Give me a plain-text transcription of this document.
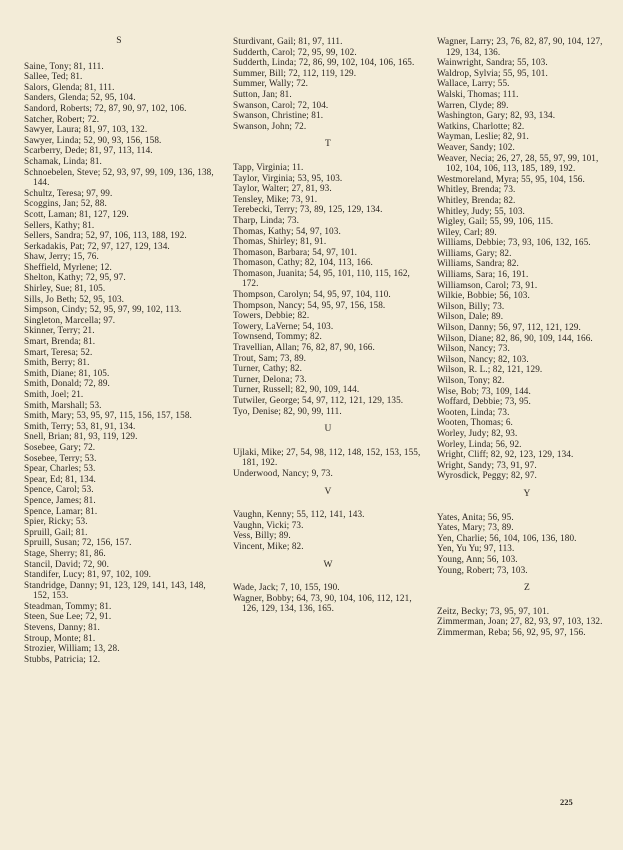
S
Saine, Tony; 81, 111.
Sallee, Ted; 81.
Salors, Glenda; 81, 111.
Sanders, Glenda; 52, 95, 104.
Sandord, Roberts; 72, 87, 90, 97, 102, 106.
Satcher, Robert; 72.
Sawyer, Laura; 81, 97, 103, 132.
Sawyer, Linda; 52, 90, 93, 156, 158.
Scarberry, Dede; 81, 97, 113, 114.
Schamak, Linda; 81.
Schnoebelen, Steve; 52, 93, 97, 99, 109, 136, 138, 144.
Schultz, Teresa; 97, 99.
Scoggins, Jan; 52, 88.
Scott, Laman; 81, 127, 129.
Sellers, Kathy; 81.
Sellers, Sandra; 52, 97, 106, 113, 188, 192.
Serkadakis, Pat; 72, 97, 127, 129, 134.
Shaw, Jerry; 15, 76.
Sheffield, Myrlene; 12.
Shelton, Kathy; 72, 95, 97.
Shirley, Sue; 81, 105.
Sills, Jo Beth; 52, 95, 103.
Simpson, Cindy; 52, 95, 97, 99, 102, 113.
Singleton, Marcella; 97.
Skinner, Terry; 21.
Smart, Brenda; 81.
Smart, Teresa; 52.
Smith, Berry; 81.
Smith, Diane; 81, 105.
Smith, Donald; 72, 89.
Smith, Joel; 21.
Smith, Marshall; 53.
Smith, Mary; 53, 95, 97, 115, 156, 157, 158.
Smith, Terry; 53, 81, 91, 134.
Snell, Brian; 81, 93, 119, 129.
Sosebee, Gary; 72.
Sosebee, Terry; 53.
Spear, Charles; 53.
Spear, Ed; 81, 134.
Spence, Carol; 53.
Spence, James; 81.
Spence, Lamar; 81.
Spier, Ricky; 53.
Spruill, Gail; 81.
Spruill, Susan; 72, 156, 157.
Stage, Sherry; 81, 86.
Stancil, David; 72, 90.
Standifer, Lucy; 81, 97, 102, 109.
Standridge, Danny; 91, 123, 129, 141, 143, 148, 152, 153.
Steadman, Tommy; 81.
Steen, Sue Lee; 72, 91.
Stevens, Danny; 81.
Stroup, Monte; 81.
Strozier, William; 13, 28.
Stubbs, Patricia; 12.
Sturdivant, Gail; 81, 97, 111.
Sudderth, Carol; 72, 95, 99, 102.
Sudderth, Linda; 72, 86, 99, 102, 104, 106, 165.
Summer, Bill; 72, 112, 119, 129.
Summer, Wally; 72.
Sutton, Jan; 81.
Swanson, Carol; 72, 104.
Swanson, Christine; 81.
Swanson, John; 72.
T
Tapp, Virginia; 11.
Taylor, Virginia; 53, 95, 103.
Taylor, Walter; 27, 81, 93.
Tensley, Mike; 73, 91.
Terebecki, Terry; 73, 89, 125, 129, 134.
Tharp, Linda; 73.
Thomas, Kathy; 54, 97, 103.
Thomas, Shirley; 81, 91.
Thomason, Barbara; 54, 97, 101.
Thomason, Cathy; 82, 104, 113, 166.
Thomason, Juanita; 54, 95, 101, 110, 115, 162, 172.
Thompson, Carolyn; 54, 95, 97, 104, 110.
Thompson, Nancy; 54, 95, 97, 156, 158.
Towers, Debbie; 82.
Towery, LaVerne; 54, 103.
Townsend, Tommy; 82.
Travellian, Allan; 76, 82, 87, 90, 166.
Trout, Sam; 73, 89.
Turner, Cathy; 82.
Turner, Delona; 73.
Turner, Russell; 82, 90, 109, 144.
Tutwiler, George; 54, 97, 112, 121, 129, 135.
Tyo, Denise; 82, 90, 99, 111.
U
Ujlaki, Mike; 27, 54, 98, 112, 148, 152, 153, 155, 181, 192.
Underwood, Nancy; 9, 73.
V
Vaughn, Kenny; 55, 112, 141, 143.
Vaughn, Vicki; 73.
Vess, Billy; 89.
Vincent, Mike; 82.
W
Wade, Jack; 7, 10, 155, 190.
Wagner, Bobby; 64, 73, 90, 104, 106, 112, 121, 126, 129, 134, 136, 165.
Wagner, Larry; 23, 76, 82, 87, 90, 104, 127, 129, 134, 136.
Wainwright, Sandra; 55, 103.
Waldrop, Sylvia; 55, 95, 101.
Wallace, Larry; 55.
Walski, Thomas; 111.
Warren, Clyde; 89.
Washington, Gary; 82, 93, 134.
Watkins, Charlotte; 82.
Wayman, Leslie; 82, 91.
Weaver, Sandy; 102.
Weaver, Necia; 26, 27, 28, 55, 97, 99, 101, 102, 104, 106, 113, 185, 189, 192.
Westmoreland, Myra; 55, 95, 104, 156.
Whitley, Brenda; 73.
Whitley, Brenda; 82.
Whitley, Judy; 55, 103.
Wigley, Gail; 55, 99, 106, 115.
Wiley, Carl; 89.
Williams, Debbie; 73, 93, 106, 132, 165.
Williams, Gary; 82.
Williams, Sandra; 82.
Williams, Sara; 16, 191.
Williamson, Carol; 73, 91.
Wilkie, Bobbie; 56, 103.
Wilson, Billy; 73.
Wilson, Dale; 89.
Wilson, Danny; 56, 97, 112, 121, 129.
Wilson, Diane; 82, 86, 90, 109, 144, 166.
Wilson, Nancy; 73.
Wilson, Nancy; 82, 103.
Wilson, R. L.; 82, 121, 129.
Wilson, Tony; 82.
Wise, Bob; 73, 109, 144.
Woffard, Debbie; 73, 95.
Wooten, Linda; 73.
Wooten, Thomas; 6.
Worley, Judy; 82, 93.
Worley, Linda; 56, 92.
Wright, Cliff; 82, 92, 123, 129, 134.
Wright, Sandy; 73, 91, 97.
Wyrosdick, Peggy; 82, 97.
Y
Yates, Anita; 56, 95.
Yates, Mary; 73, 89.
Yen, Charlie; 56, 104, 106, 136, 180.
Yen, Yu Yu; 97, 113.
Young, Ann; 56, 103.
Young, Robert; 73, 103.
Z
Zeitz, Becky; 73, 95, 97, 101.
Zimmerman, Joan; 27, 82, 93, 97, 103, 132.
Zimmerman, Reba; 56, 92, 95, 97, 156.
225
